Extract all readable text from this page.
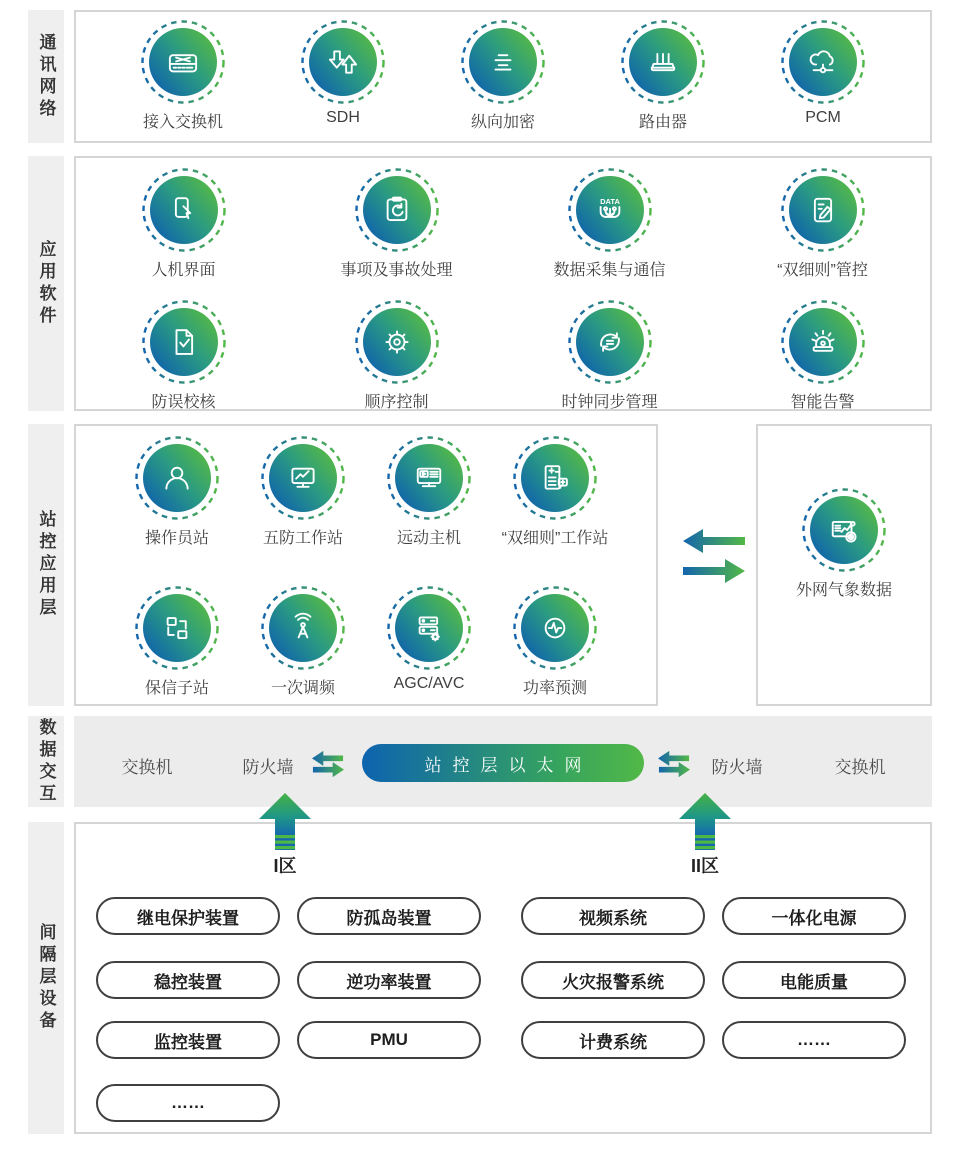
通讯网络
应用软件
站控应用层
数据交互
间隔层设备
接入交换机	SDH	纵向加密	路由器	PCM
人机界面	事项及事故处理
DATA
数据采集与通信	“双细则”管控
防误校核	顺序控制	时钟同步管理	智能告警
操作员站	五防工作站	远动主机	“双细则”工作站
保信子站	一次调频	AGC/AVC	功率预测
外网气象数据
交换机	防火墙	站控层以太网	防火墙	交换机
I区	II区
继电保护装置	防孤岛装置	视频系统	一体化电源
稳控装置	逆功率装置	火灾报警系统	电能质量
监控装置	PMU	计费系统	……
……
